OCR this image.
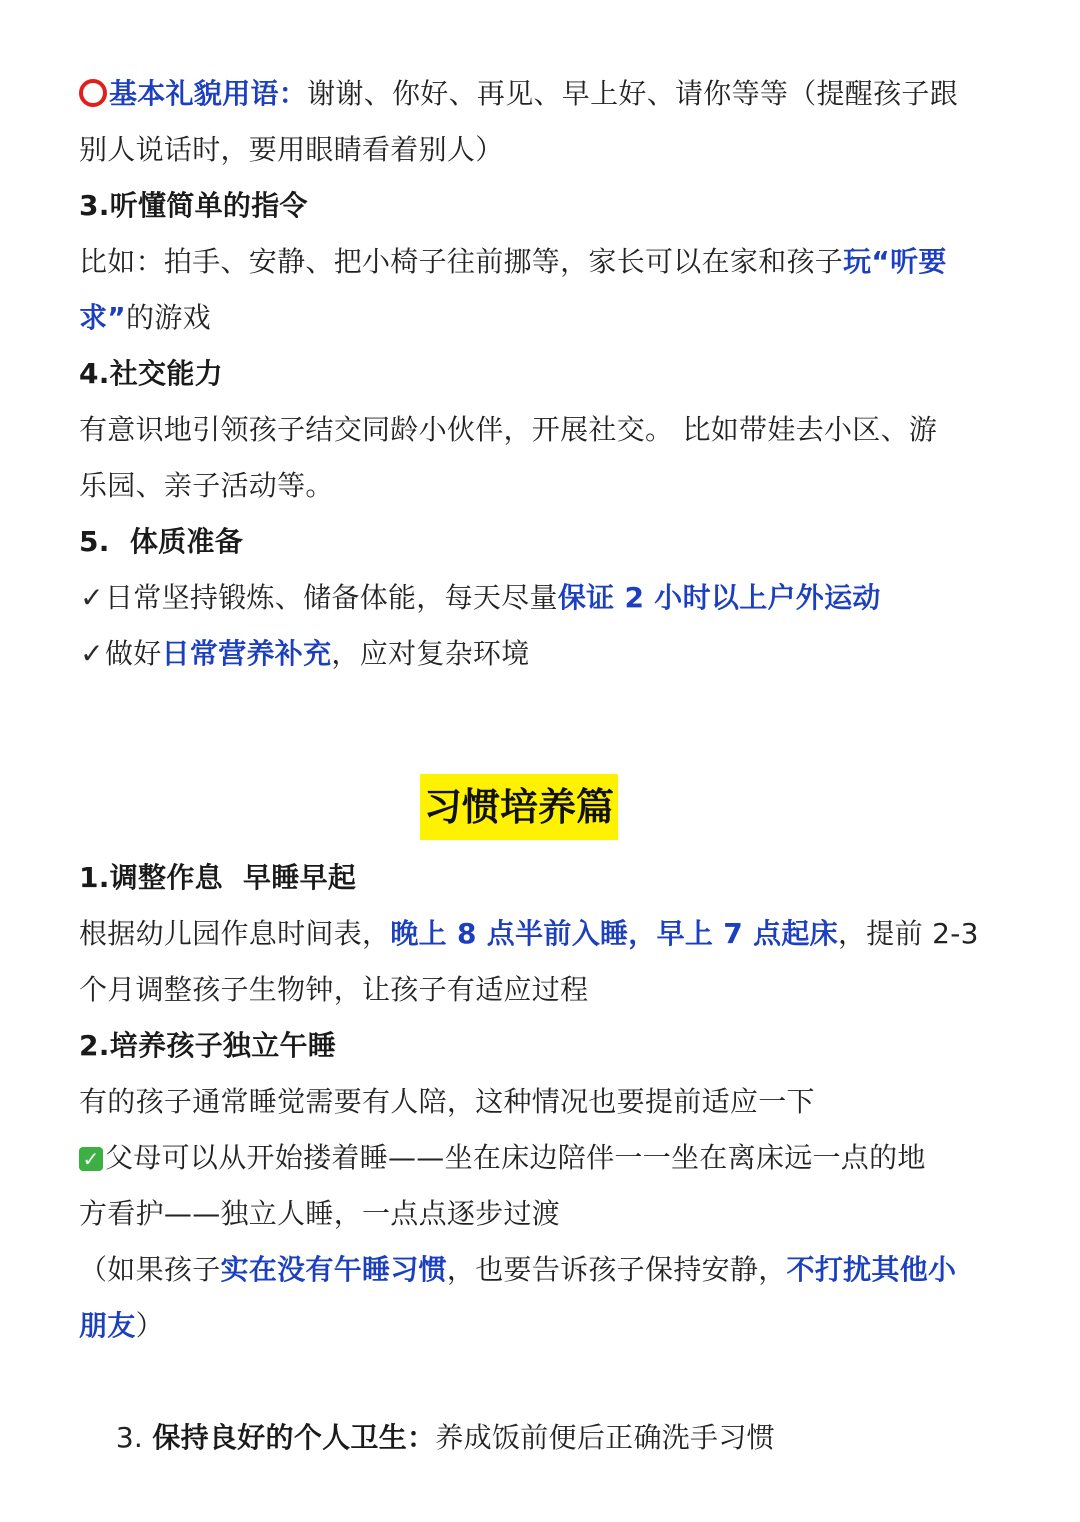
基本礼貌用语：谢谢、你好、再见、早上好、请你等等（提醒孩子跟
别人说话时，要用眼睛看着别人）
3.听懂简单的指令
比如：拍手、安静、把小椅子往前挪等，家长可以在家和孩子玩“听要
求”的游戏
4.社交能力
有意识地引领孩子结交同龄小伙伴，开展社交。 比如带娃去小区、游
乐园、亲子活动等。
5.  体质准备
✓日常坚持锻炼、储备体能，每天尽量保证 2 小时以上户外运动
✓做好日常营养补充，应对复杂环境
习惯培养篇
1.调整作息  早睡早起
根据幼儿园作息时间表，晚上 8 点半前入睡，早上 7 点起床，提前 2-3
个月调整孩子生物钟，让孩子有适应过程
2.培养孩子独立午睡
有的孩子通常睡觉需要有人陪，这种情况也要提前适应一下
✓ 父母可以从开始搂着睡——坐在床边陪伴一一坐在离床远一点的地
方看护——独立人睡，一点点逐步过渡
（如果孩子实在没有午睡习惯，也要告诉孩子保持安静，不打扰其他小
朋友）

3. 保持良好的个人卫生：养成饭前便后正确洗手习惯
